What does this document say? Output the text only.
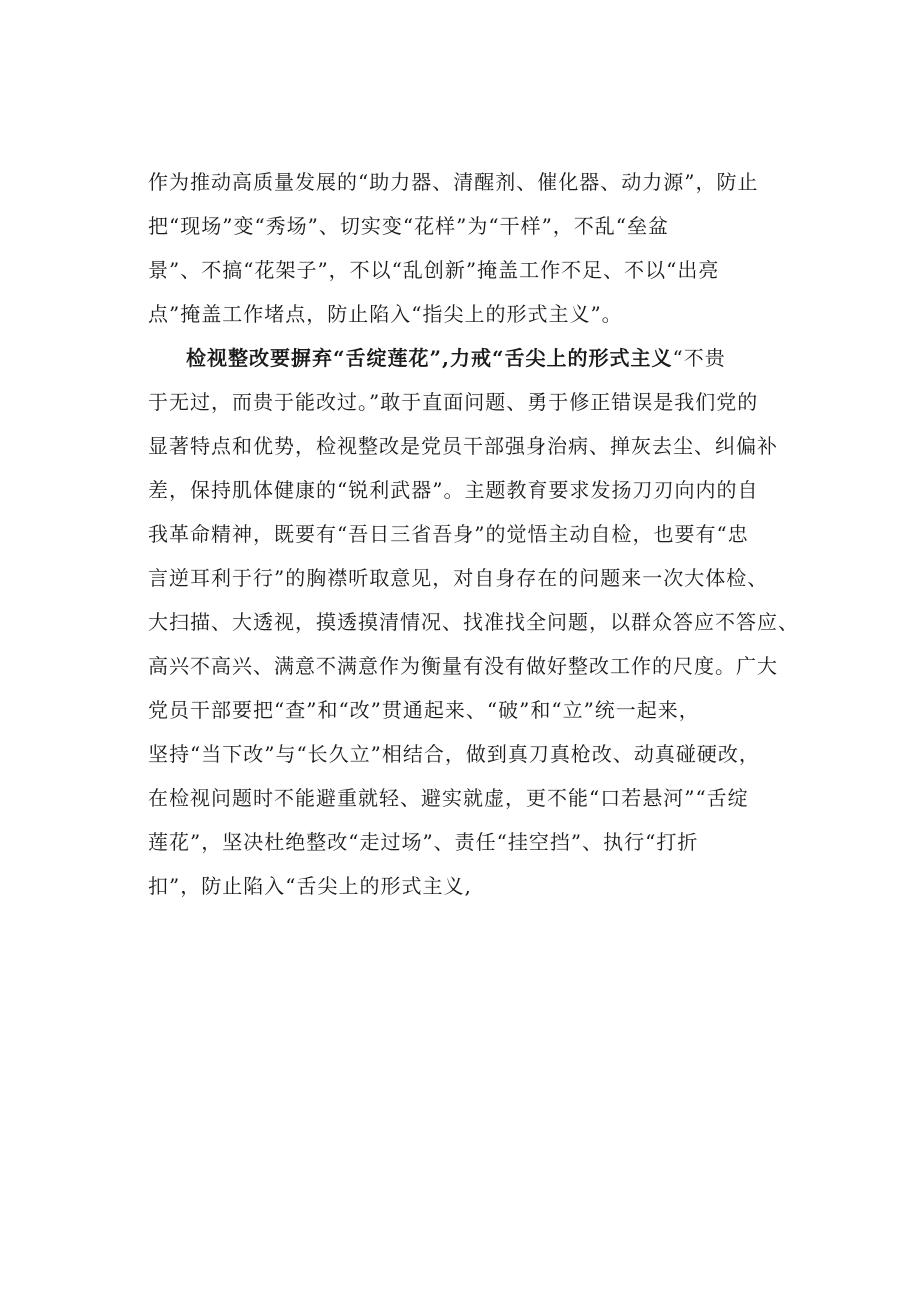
作为推动高质量发展的“助力器、清醒剂、催化器、动力源”，防止
把“现场”变“秀场”、切实变“花样”为“干样”，不乱“垒盆
景”、不搞“花架子”，不以“乱创新”掩盖工作不足、不以“出亮
点”掩盖工作堵点，防止陷入“指尖上的形式主义”。
检视整改要摒弃“舌绽莲花”,力戒“舌尖上的形式主义“不贵
于无过，而贵于能改过。”敢于直面问题、勇于修正错误是我们党的
显著特点和优势，检视整改是党员干部强身治病、掸灰去尘、纠偏补
差，保持肌体健康的“锐利武器”。主题教育要求发扬刀刃向内的自
我革命精神，既要有“吾日三省吾身”的觉悟主动自检，也要有“忠
言逆耳利于行”的胸襟听取意见，对自身存在的问题来一次大体检、
大扫描、大透视，摸透摸清情况、找准找全问题，以群众答应不答应、
高兴不高兴、满意不满意作为衡量有没有做好整改工作的尺度。广大
党员干部要把“查”和“改”贯通起来、“破”和“立”统一起来，
坚持“当下改”与“长久立”相结合，做到真刀真枪改、动真碰硬改，
在检视问题时不能避重就轻、避实就虚，更不能“口若悬河”“舌绽
莲花”，坚决杜绝整改“走过场”、责任“挂空挡”、执行“打折
扣”，防止陷入“舌尖上的形式主义,
